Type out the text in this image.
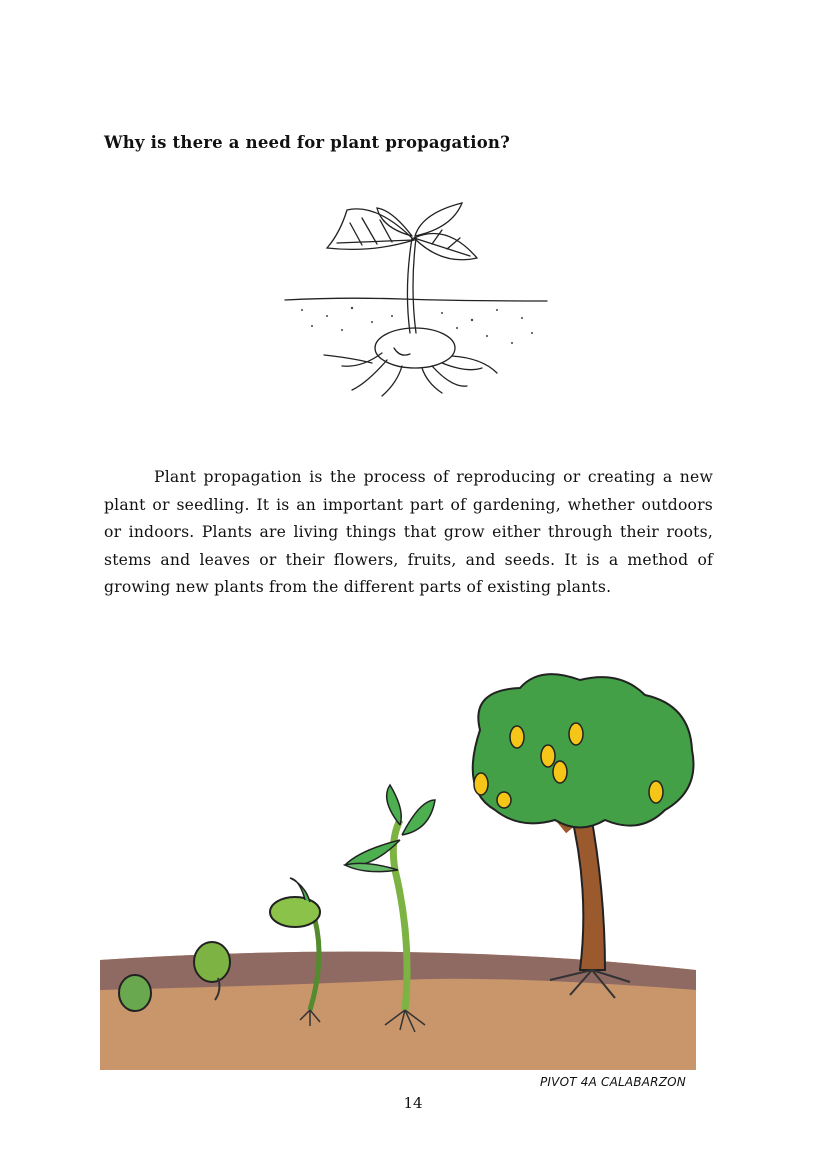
Why is there a need for plant propagation?
Plant propagation is the process of reproducing or creating a new plant or seedling. It is an important part of gardening, whether outdoors or indoors. Plants are living things that grow either through their roots, stems and leaves or their flowers, fruits, and seeds. It is a method of growing new plants from the different parts of existing plants.
PIVOT 4A CALABARZON
14
